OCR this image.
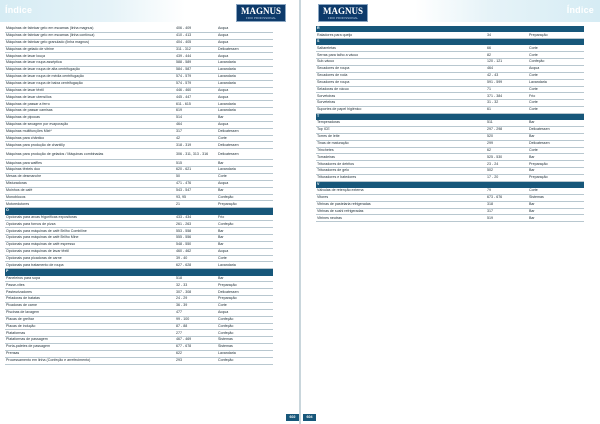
Índice	MAGNUS
FRIO PROFISSIONAL
Máquinas de fabricar gelo em escamas (linha magnus)	406 - 409	Acqua
Máquinas de fabricar gelo em escamas (linha contínua)	410 - 413	Acqua
Máquinas de fabricar gelo granulado (linha magnus)	404 - 405	Acqua
Máquinas de gelado de vitrine	311 - 312	Delicatessen
Máquinas de lavar louça	439 - 444	Acqua
Máquinas de lavar roupa asséptica	588 - 589	Lavandaria
Máquinas de lavar roupa de alta centrifugação	584 - 587	Lavandaria
Máquinas de lavar roupa de média centrifugação	574 - 579	Lavandaria
Máquinas de lavar roupa de baixa centrifugação	574 - 579	Lavandaria
Máquinas de lavar têxtil	446 - 460	Acqua
Máquinas de lavar utensílios	445 - 447	Acqua
Máquinas de passar a ferro	611 - 615	Lavandaria
Máquinas de passar camisas	619	Lavandaria
Máquinas de pipocas	514	Bar
Máquinas de secagem por evaporação	464	Acqua
Máquinas multifunções Mixt*	317	Delicatessen
Máquinas para chântico	42	Corte
Máquinas para produção de chantilly	318 - 319	Delicatessen
Máquinas para produção de gelados / Máquinas combinadas	306 - 311, 313 - 316	Delicatessen
Máquinas para waffles	515	Bar
Máquinas têxteis duo	620 - 621	Lavandaria
Mesas de desmanche	50	Corte
Misturadoras	471 - 476	Acqua
Moinhos de café	543 - 547	Bar
Monoblocos	93, 95	Confeção
Motoredutores	21	Preparação
O		
Opcionais para arcas frigoríficas expositoras	433 - 434	Frio
Opcionais para fornos de pizza	261 - 263	Confeção
Opcionais para máquinas de café Brilho Combiline	553 - 558	Bar
Opcionais para máquinas de café Brilho Mine	555 - 556	Bar
Opcionais para máquinas de café espresso	548 - 550	Bar
Opcionais para máquinas de lavar têxtil	460 - 462	Acqua
Opcionais para picadoras de carne	39 - 40	Corte
Opcionais para tratamento de roupa	627 - 628	Lavandaria
P		
Paneleiros para sopa	518	Bar
Passe-vites	32 - 33	Preparação
Pasteurizadores	307 - 308	Delicatessen
Peladoras de batatas	24 - 29	Preparação
Picadoras de carne	36 - 39	Corte
Piscinas de lavagem	477	Acqua
Placas de grelhar	99 - 100	Confeção
Placas de indução	87 - 88	Confeção
Plataformas	277	Confeção
Plataformas de passagem	467 - 469	Sistemas
Porta-paletes de passagem	677 - 678	Sistemas
Prensas	622	Lavandaria
Processamento em linha (Confeção e arrefecimento)	293	Confeção
602
Índice
MAGNUS
FRIO PROFISSIONAL
R		
Raladores para queijo	34	Preparação
S		
Saltareletas	66	Corte
Serras para talho a vácuo	82	Corte
Sub-vácuo	120 - 121	Confeção
Secadores de roupa	464	Acqua
Secadores de roda	42 - 43	Corte
Secadores de roupa	591 - 599	Lavandaria
Seladoras de vácuo	71	Corte
Sorvetoiras	371 - 384	Frio
Sorveteiras	31 - 32	Corte
Suportes de papel higiénico	61	Corte
T		
Temperadoras	511	Bar
Top ICE	297 - 298	Delicatessen
Torres de leite	520	Bar
Tinas de maturação	299	Delicatessen
Trinchetes	62	Corte
Torradeiras	525 - 530	Bar
Trituradores de detritos	23 - 24	Preparação
Trituradores de gelo	502	Bar
Trituradores e batedores	17 - 20	Preparação
V		
Válvulas de retenção externa	79	Corte
Vitores	673 - 676	Sistemas
Vitrinas de pastelaria refrigeradas	318	Bar
Vitrinas de sushi refrigeradas	317	Bar
Vitrines neutras	519	Bar
604
